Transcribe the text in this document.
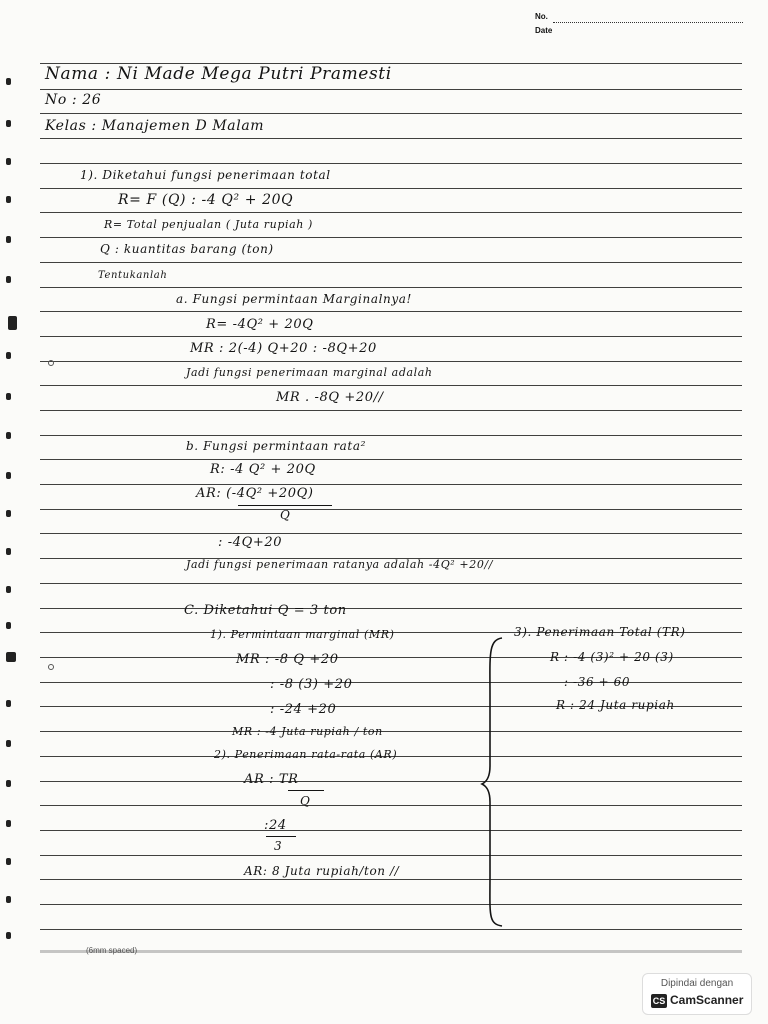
No.
Date
Nama : Ni Made Mega Putri Pramesti
No : 26
Kelas : Manajemen D Malam
1). Diketahui fungsi penerimaan total
R= F (Q) : -4 Q² + 20Q
R= Total penjualan ( Juta rupiah )
Q : kuantitas barang (ton)
Tentukanlah
a. Fungsi permintaan Marginalnya!
R= -4Q² + 20Q
MR : 2(-4) Q+20 : -8Q+20
Jadi fungsi penerimaan marginal adalah
MR . -8Q +20//
b. Fungsi permintaan rata²
R: -4 Q² + 20Q
AR: (-4Q² +20Q)
Q
: -4Q+20
Jadi fungsi penerimaan ratanya adalah -4Q² +20//
C. Diketahui Q = 3 ton
1). Permintaan marginal (MR)
MR : -8 Q +20
: -8 (3) +20
: -24 +20
MR : -4 Juta rupiah / ton
2). Penerimaan rata-rata (AR)
AR : TR
Q
:24
3
AR: 8 Juta rupiah/ton //
3). Penerimaan Total (TR)
R : -4 (3)² + 20 (3)
: -36 + 60
R : 24 Juta rupiah
(6mm spaced)
Dipindai dengan
CS CamScanner
